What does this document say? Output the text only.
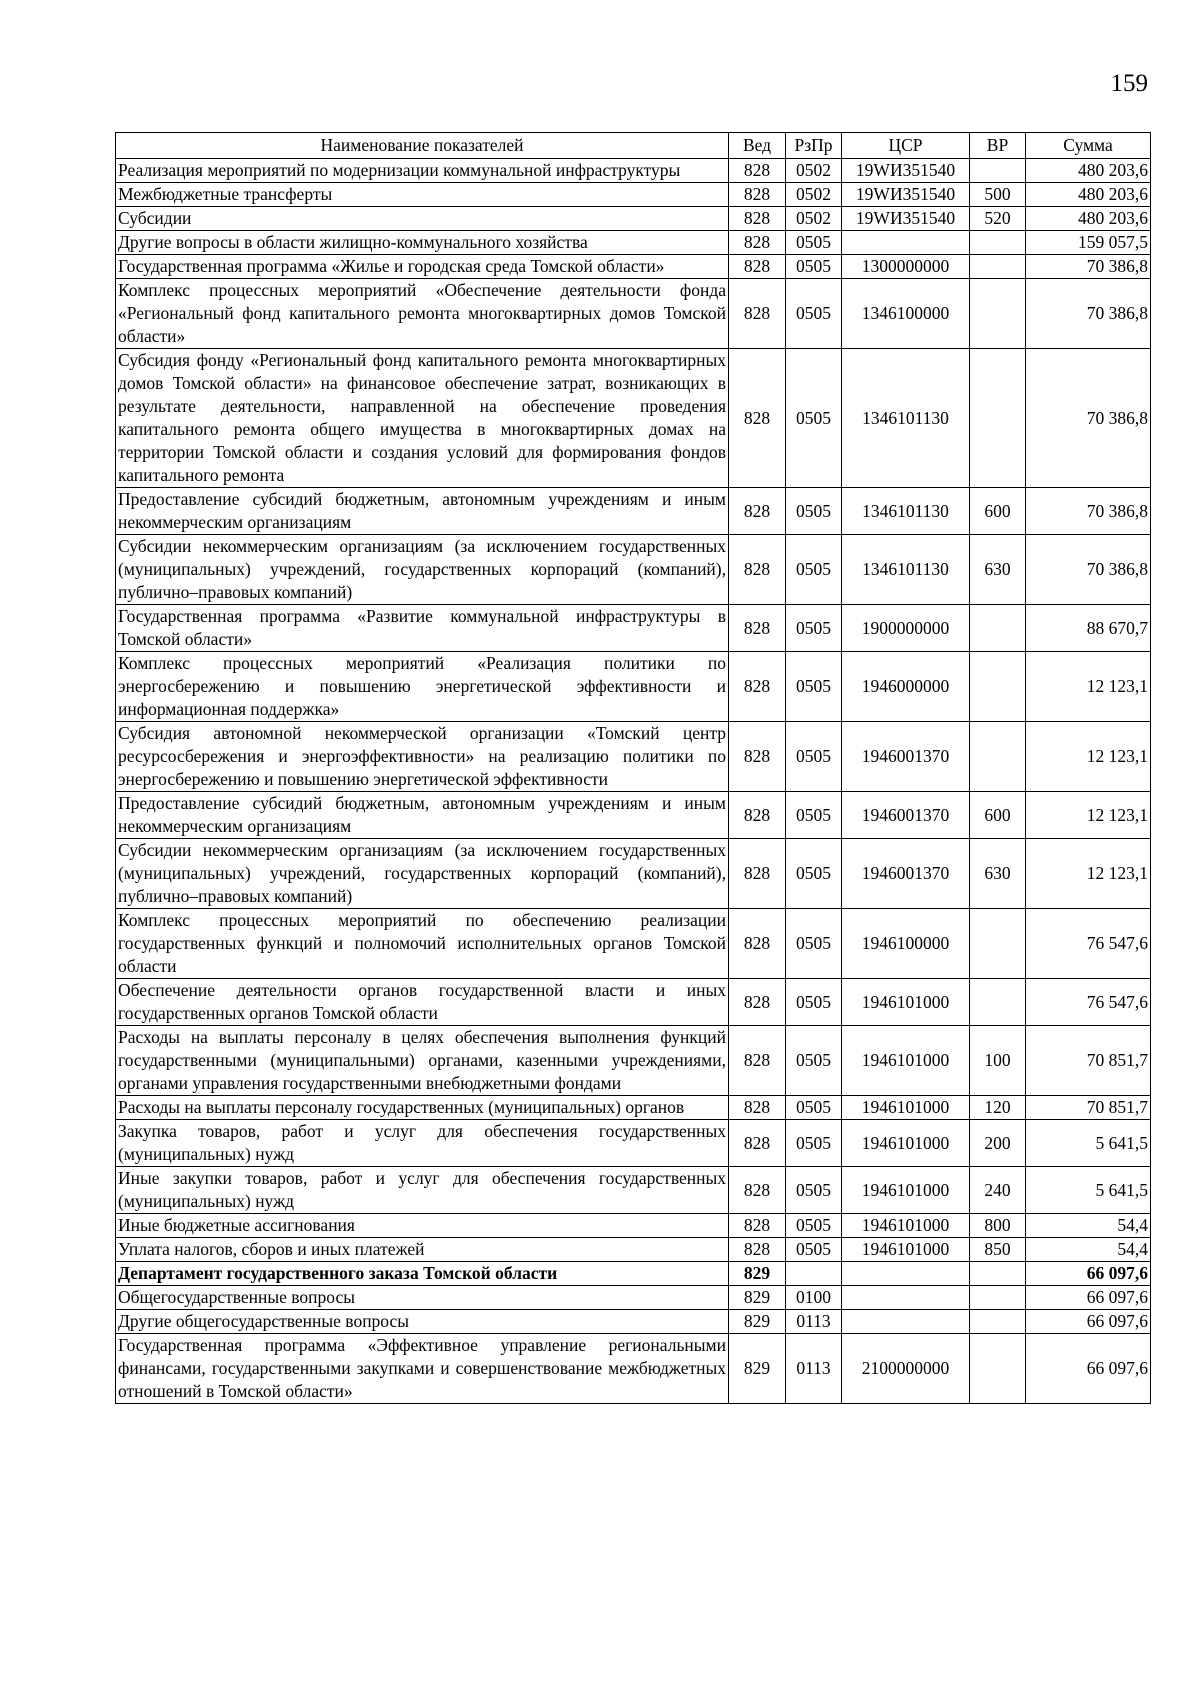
159
Наименование показателей	Вед	РзПр	ЦСР	ВР	Сумма
Реализация мероприятий по модернизации коммунальной инфраструктуры	828	0502	19WИ351540		480 203,6
Межбюджетные трансферты	828	0502	19WИ351540	500	480 203,6
Субсидии	828	0502	19WИ351540	520	480 203,6
Другие вопросы в области жилищно-коммунального хозяйства	828	0505			159 057,5
Государственная программа «Жилье и городская среда Томской области»	828	0505	1300000000		70 386,8
Комплекс процессных мероприятий «Обеспечение деятельности фонда «Региональный фонд капитального ремонта многоквартирных домов Томской области»	828	0505	1346100000		70 386,8
Субсидия фонду «Региональный фонд капитального ремонта многоквартирных домов Томской области» на финансовое обеспечение затрат, возникающих в результате деятельности, направленной на обеспечение проведения капитального ремонта общего имущества в многоквартирных домах на территории Томской области и создания условий для формирования фондов капитального ремонта	828	0505	1346101130		70 386,8
Предоставление субсидий бюджетным, автономным учреждениям и иным некоммерческим организациям	828	0505	1346101130	600	70 386,8
Субсидии некоммерческим организациям (за исключением государственных (муниципальных) учреждений, государственных корпораций (компаний), публично–правовых компаний)	828	0505	1346101130	630	70 386,8
Государственная программа «Развитие коммунальной инфраструктуры в Томской области»	828	0505	1900000000		88 670,7
Комплекс процессных мероприятий «Реализация политики по энергосбережению и повышению энергетической эффективности и информационная поддержка»	828	0505	1946000000		12 123,1
Субсидия автономной некоммерческой организации «Томский центр ресурсосбережения и энергоэффективности» на реализацию политики по энергосбережению и повышению энергетической эффективности	828	0505	1946001370		12 123,1
Предоставление субсидий бюджетным, автономным учреждениям и иным некоммерческим организациям	828	0505	1946001370	600	12 123,1
Субсидии некоммерческим организациям (за исключением государственных (муниципальных) учреждений, государственных корпораций (компаний), публично–правовых компаний)	828	0505	1946001370	630	12 123,1
Комплекс процессных мероприятий по обеспечению реализации государственных функций и полномочий исполнительных органов Томской области	828	0505	1946100000		76 547,6
Обеспечение деятельности органов государственной власти и иных государственных органов Томской области	828	0505	1946101000		76 547,6
Расходы на выплаты персоналу в целях обеспечения выполнения функций государственными (муниципальными) органами, казенными учреждениями, органами управления государственными внебюджетными фондами	828	0505	1946101000	100	70 851,7
Расходы на выплаты персоналу государственных (муниципальных) органов	828	0505	1946101000	120	70 851,7
Закупка товаров, работ и услуг для обеспечения государственных (муниципальных) нужд	828	0505	1946101000	200	5 641,5
Иные закупки товаров, работ и услуг для обеспечения государственных (муниципальных) нужд	828	0505	1946101000	240	5 641,5
Иные бюджетные ассигнования	828	0505	1946101000	800	54,4
Уплата налогов, сборов и иных платежей	828	0505	1946101000	850	54,4
Департамент государственного заказа Томской области	829				66 097,6
Общегосударственные вопросы	829	0100			66 097,6
Другие общегосударственные вопросы	829	0113			66 097,6
Государственная программа «Эффективное управление региональными финансами, государственными закупками и совершенствование межбюджетных отношений в Томской области»	829	0113	2100000000		66 097,6
